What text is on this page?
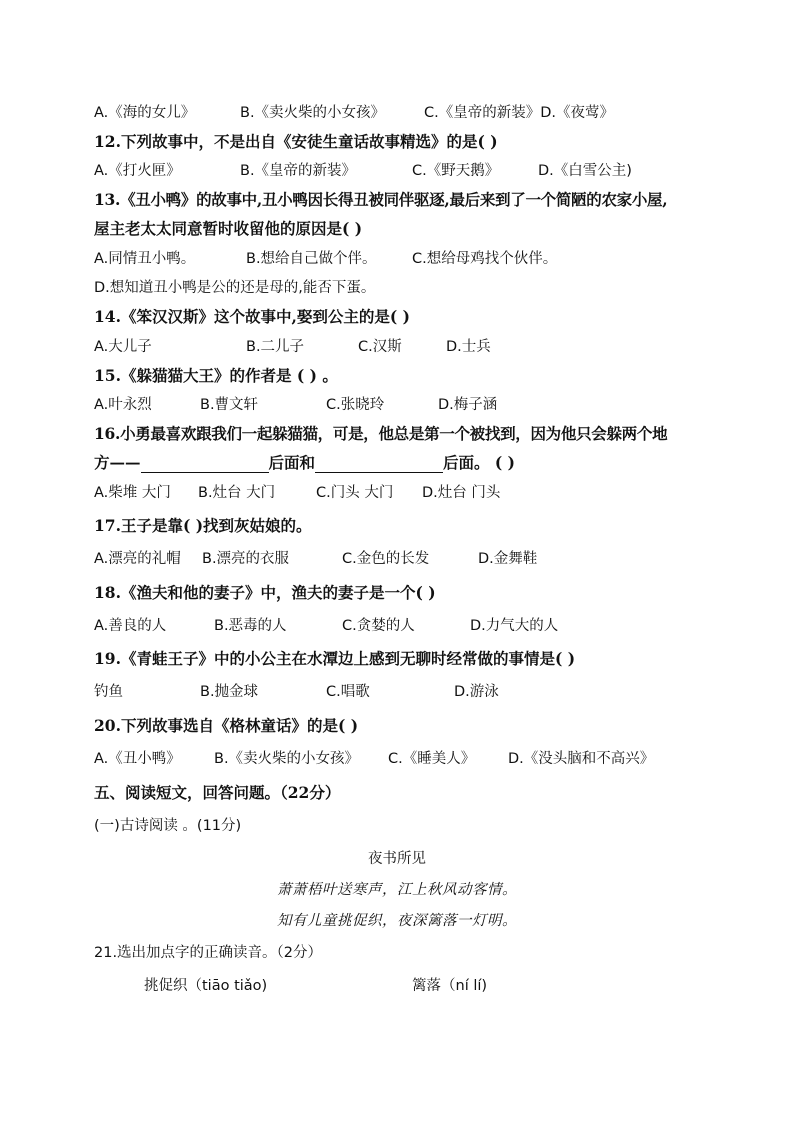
A.《海的女儿》	B.《卖火柴的小女孩》	C.《皇帝的新装》D.《夜莺》
12.下列故事中，不是出自《安徒生童话故事精选》的是( )
A.《打火匣》	B.《皇帝的新装》	C.《野天鹅》	D.《白雪公主)
13.《丑小鸭》的故事中,丑小鸭因长得丑被同伴驱逐,最后来到了一个简陋的农家小屋,
屋主老太太同意暂时收留他的原因是( )
A.同情丑小鸭。	B.想给自己做个伴。 C.想给母鸡找个伙伴。
D.想知道丑小鸭是公的还是母的,能否下蛋。
14.《笨汉汉斯》这个故事中,娶到公主的是( )
A.大儿子	B.二儿子	C.汉斯	D.士兵
15.《躲猫猫大王》的作者是 ( ) 。
A.叶永烈	B.曹文轩	C.张晓玲	D.梅子涵
16.小勇最喜欢跟我们一起躲猫猫，可是，他总是第一个被找到，因为他只会躲两个地
方——	后面和	后面。 ( )
A.柴堆 大门 B.灶台 大门	C.门头 大门 D.灶台 门头
17.王子是靠( )找到灰姑娘的。
A.漂亮的礼帽 B.漂亮的衣服	C.金色的长发	D.金舞鞋
18.《渔夫和他的妻子》中，渔夫的妻子是一个( )
A.善良的人	B.恶毒的人	C.贪婪的人	D.力气大的人
19.《青蛙王子》中的小公主在水潭边上感到无聊时经常做的事情是( )
钓鱼	B.抛金球	C.唱歌	D.游泳
20.下列故事选自《格林童话》的是( )
A.《丑小鸭》 B.《卖火柴的小女孩》 C.《睡美人》 D.《没头脑和不高兴》
五、阅读短文，回答问题。（22分）
(一)古诗阅读 。(11分)
夜书所见
萧萧梧叶送寒声，江上秋风动客情。
知有儿童挑促织，夜深篱落一灯明。
21.选出加点字的正确读音。（2分）
挑促织（tiāo tiǎo)	篱落（ní lí)
